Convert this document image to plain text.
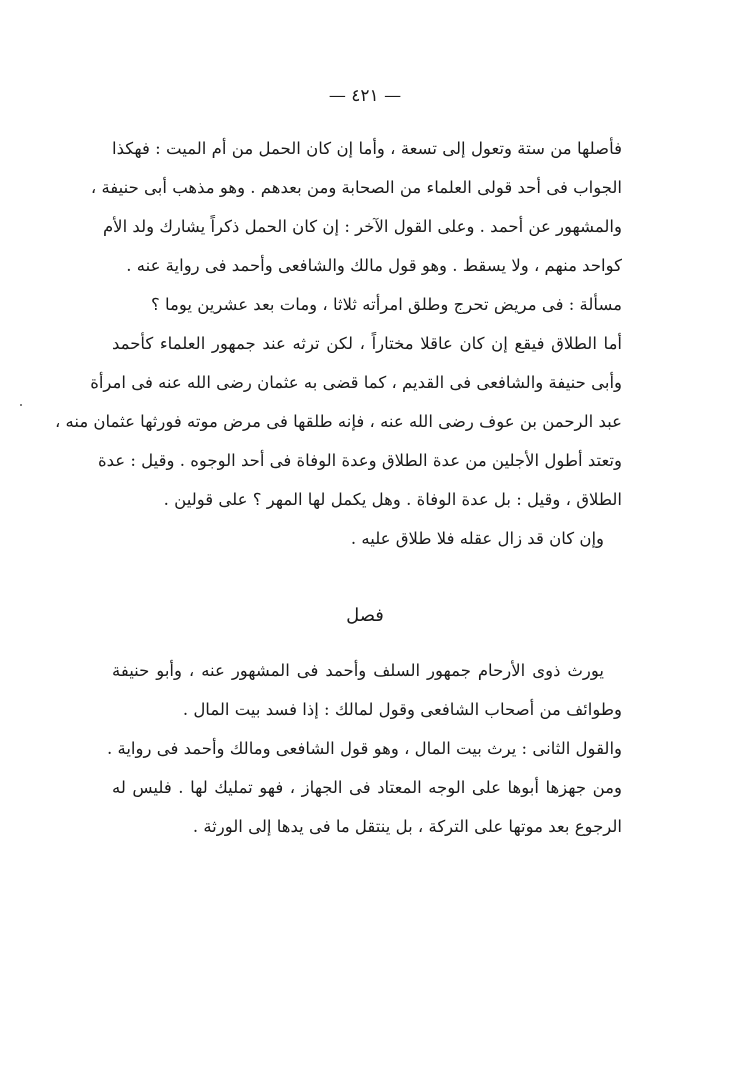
— ٤٢١ —
فأصلها من ستة وتعول إلى تسعة ، وأما إن كان الحمل من أم الميت : فهكذا
الجواب فى أحد قولى العلماء من الصحابة ومن بعدهم . وهو مذهب أبى حنيفة ،
والمشهور عن أحمد . وعلى القول الآخر : إن كان الحمل ذكراً يشارك ولد الأم
كواحد منهم ، ولا يسقط . وهو قول مالك والشافعى وأحمد فى رواية عنه .
مسألة : فى مريض تحرج وطلق امرأته ثلاثا ، ومات بعد عشرين يوما ؟
أما الطلاق فيقع إن كان عاقلا مختاراً ، لكن ترثه عند جمهور العلماء كأحمد
وأبى حنيفة والشافعى فى القديم ، كما قضى به عثمان رضى الله عنه فى امرأة
عبد الرحمن بن عوف رضى الله عنه ، فإنه طلقها فى مرض موته فورثها عثمان منه ،
وتعتد أطول الأجلين من عدة الطلاق وعدة الوفاة فى أحد الوجوه . وقيل : عدة
الطلاق ، وقيل : بل عدة الوفاة . وهل يكمل لها المهر ؟ على قولين .
وإن كان قد زال عقله فلا طلاق عليه .
فصل
يورث ذوى الأرحام جمهور السلف وأحمد فى المشهور عنه ، وأبو حنيفة
وطوائف من أصحاب الشافعى وقول لمالك : إذا فسد بيت المال .
والقول الثانى : يرث بيت المال ، وهو قول الشافعى ومالك وأحمد فى رواية .
ومن جهزها أبوها على الوجه المعتاد فى الجهاز ، فهو تمليك لها . فليس له
الرجوع بعد موتها على التركة ، بل ينتقل ما فى يدها إلى الورثة .
